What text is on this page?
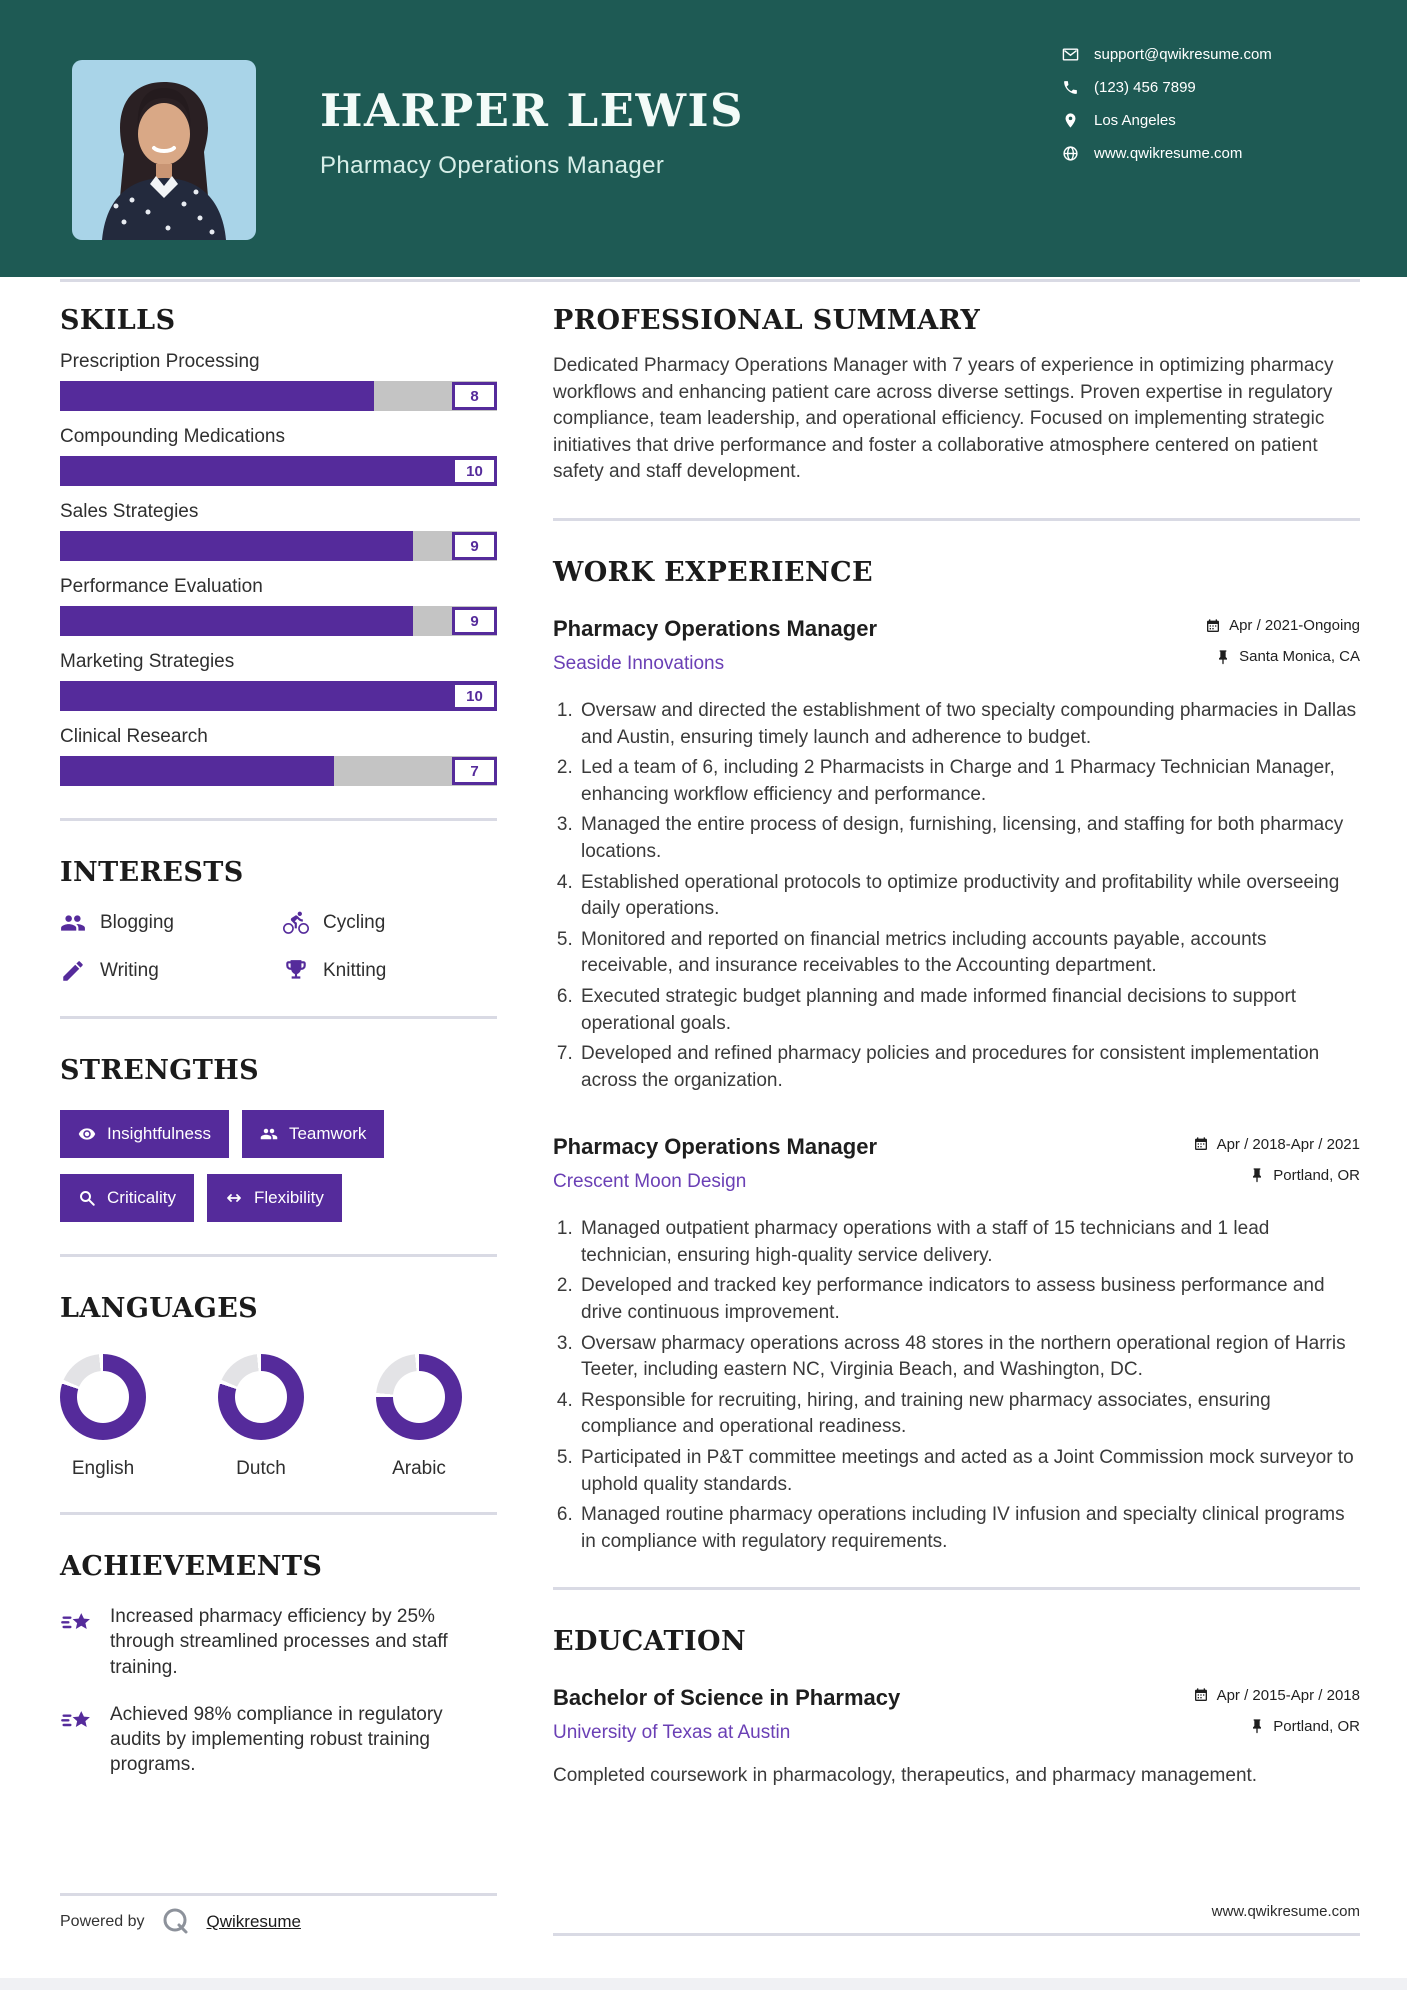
HARPER LEWIS
Pharmacy Operations Manager
support@qwikresume.com
(123) 456 7899
Los Angeles
www.qwikresume.com
SKILLS
Prescription Processing
8
Compounding Medications
10
Sales Strategies
9
Performance Evaluation
9
Marketing Strategies
10
Clinical Research
7
INTERESTS
Blogging	Cycling
Writing	Knitting
STRENGTHS
Insightfulness	Teamwork
Criticality	Flexibility
LANGUAGES
English	Dutch	Arabic
ACHIEVEMENTS
Increased pharmacy efficiency by 25% through streamlined processes and staff training.
Achieved 98% compliance in regulatory audits by implementing robust training programs.
PROFESSIONAL SUMMARY
Dedicated Pharmacy Operations Manager with 7 years of experience in optimizing pharmacy workflows and enhancing patient care across diverse settings. Proven expertise in regulatory compliance, team leadership, and operational efficiency. Focused on implementing strategic initiatives that drive performance and foster a collaborative atmosphere centered on patient safety and staff development.
WORK EXPERIENCE
Pharmacy Operations Manager
Seaside Innovations
Apr / 2021-Ongoing
Santa Monica, CA
1. Oversaw and directed the establishment of two specialty compounding pharmacies in Dallas and Austin, ensuring timely launch and adherence to budget.
2. Led a team of 6, including 2 Pharmacists in Charge and 1 Pharmacy Technician Manager, enhancing workflow efficiency and performance.
3. Managed the entire process of design, furnishing, licensing, and staffing for both pharmacy locations.
4. Established operational protocols to optimize productivity and profitability while overseeing daily operations.
5. Monitored and reported on financial metrics including accounts payable, accounts receivable, and insurance receivables to the Accounting department.
6. Executed strategic budget planning and made informed financial decisions to support operational goals.
7. Developed and refined pharmacy policies and procedures for consistent implementation across the organization.
Pharmacy Operations Manager
Crescent Moon Design
Apr / 2018-Apr / 2021
Portland, OR
1. Managed outpatient pharmacy operations with a staff of 15 technicians and 1 lead technician, ensuring high-quality service delivery.
2. Developed and tracked key performance indicators to assess business performance and drive continuous improvement.
3. Oversaw pharmacy operations across 48 stores in the northern operational region of Harris Teeter, including eastern NC, Virginia Beach, and Washington, DC.
4. Responsible for recruiting, hiring, and training new pharmacy associates, ensuring compliance and operational readiness.
5. Participated in P&T committee meetings and acted as a Joint Commission mock surveyor to uphold quality standards.
6. Managed routine pharmacy operations including IV infusion and specialty clinical programs in compliance with regulatory requirements.
EDUCATION
Bachelor of Science in Pharmacy
University of Texas at Austin
Apr / 2015-Apr / 2018
Portland, OR
Completed coursework in pharmacology, therapeutics, and pharmacy management.
www.qwikresume.com
Powered by	Qwikresume
